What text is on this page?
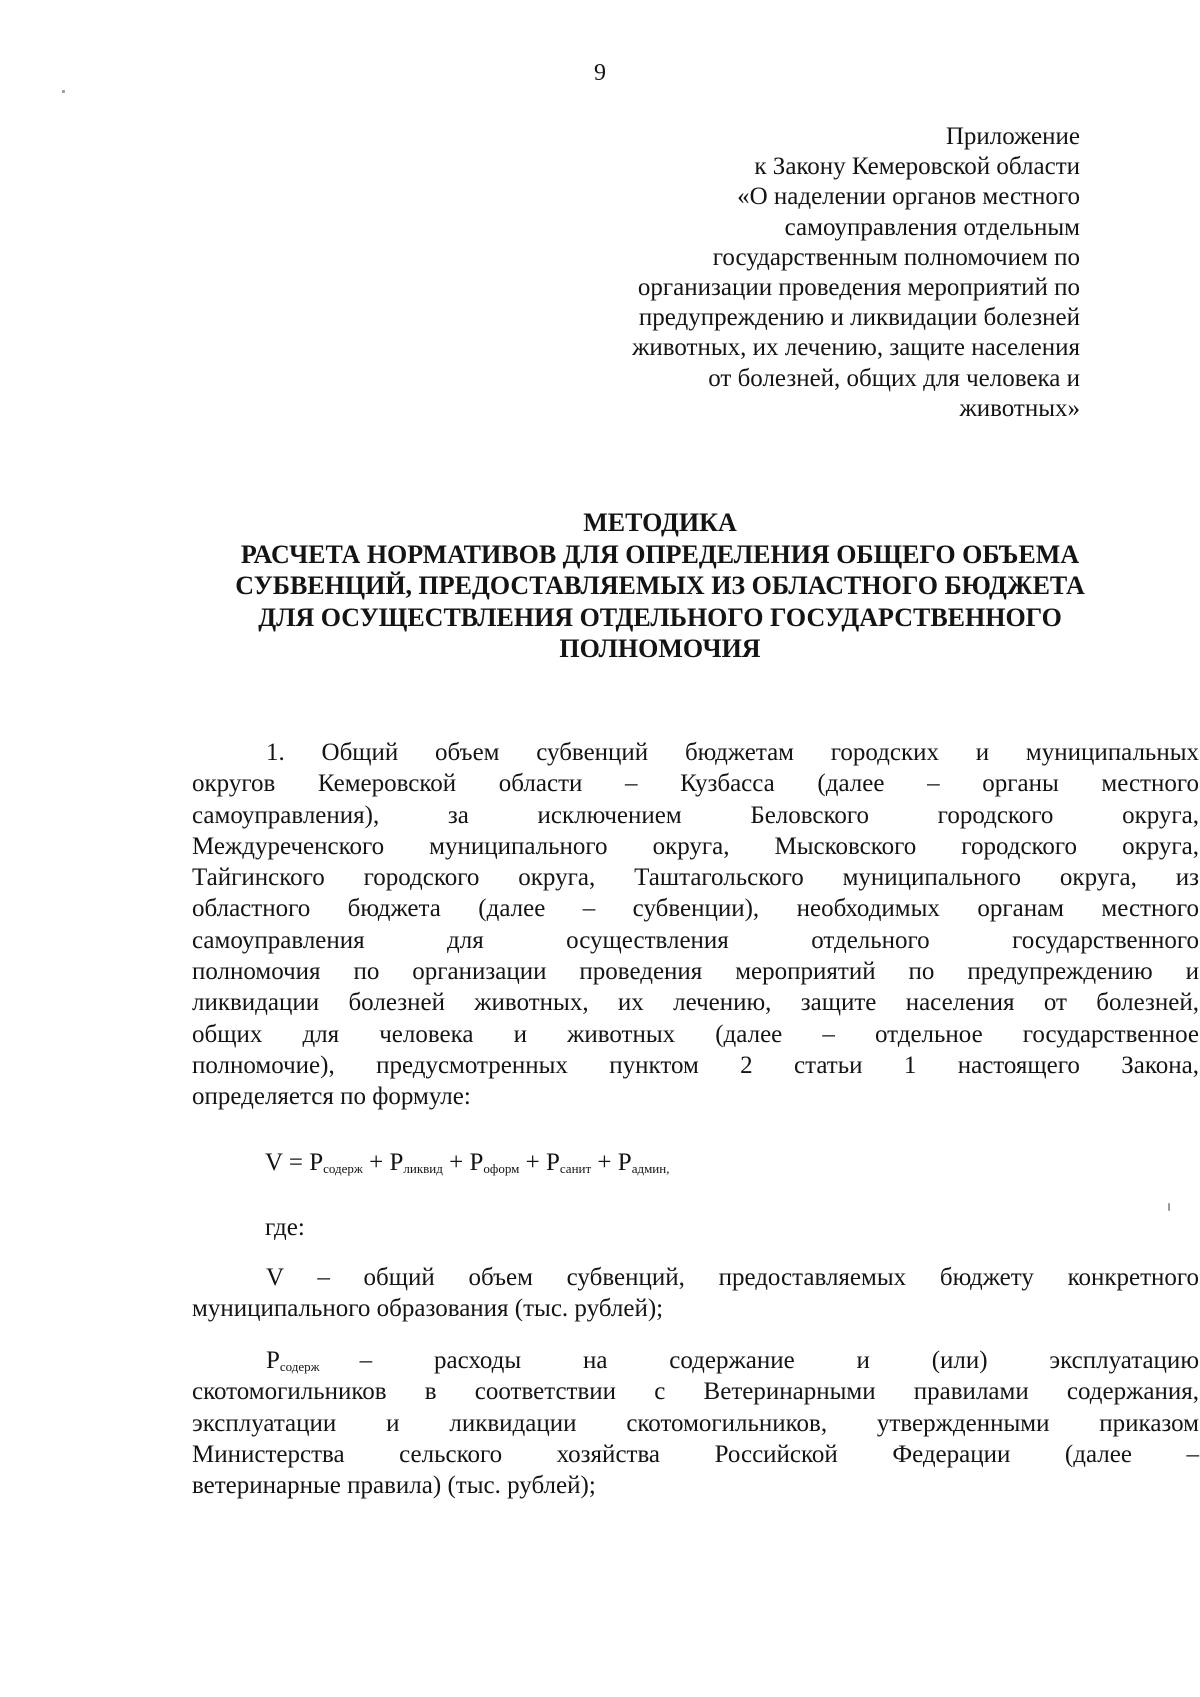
9
Приложение
к Закону Кемеровской области
«О наделении органов местного
самоуправления отдельным
государственным полномочием по
организации проведения мероприятий по
предупреждению и ликвидации болезней
животных, их лечению, защите населения
от болезней, общих для человека и
животных»
МЕТОДИКА
РАСЧЕТА НОРМАТИВОВ ДЛЯ ОПРЕДЕЛЕНИЯ ОБЩЕГО ОБЪЕМА
СУБВЕНЦИЙ, ПРЕДОСТАВЛЯЕМЫХ ИЗ ОБЛАСТНОГО БЮДЖЕТА
ДЛЯ ОСУЩЕСТВЛЕНИЯ ОТДЕЛЬНОГО ГОСУДАРСТВЕННОГО
ПОЛНОМОЧИЯ
1. Общий объем субвенций бюджетам городских и муниципальных
округов Кемеровской области – Кузбасса (далее – органы местного
самоуправления), за исключением Беловского городского округа,
Междуреченского муниципального округа, Мысковского городского округа,
Тайгинского городского округа, Таштагольского муниципального округа, из
областного бюджета (далее – субвенции), необходимых органам местного
самоуправления для осуществления отдельного государственного
полномочия по организации проведения мероприятий по предупреждению и
ликвидации болезней животных, их лечению, защите населения от болезней,
общих для человека и животных (далее – отдельное государственное
полномочие), предусмотренных пунктом 2 статьи 1 настоящего Закона,
определяется по формуле:
$V = P_{содерж} + P_{ликвид} + P_{оформ} + P_{санит} + P_{админ,}$
где:
V – общий объем субвенций, предоставляемых бюджету конкретного
муниципального образования (тыс. рублей);
$P_{содерж}$ – расходы на содержание и (или) эксплуатацию
скотомогильников в соответствии с Ветеринарными правилами содержания,
эксплуатации и ликвидации скотомогильников, утвержденными приказом
Министерства сельского хозяйства Российской Федерации (далее –
ветеринарные правила) (тыс. рублей);
